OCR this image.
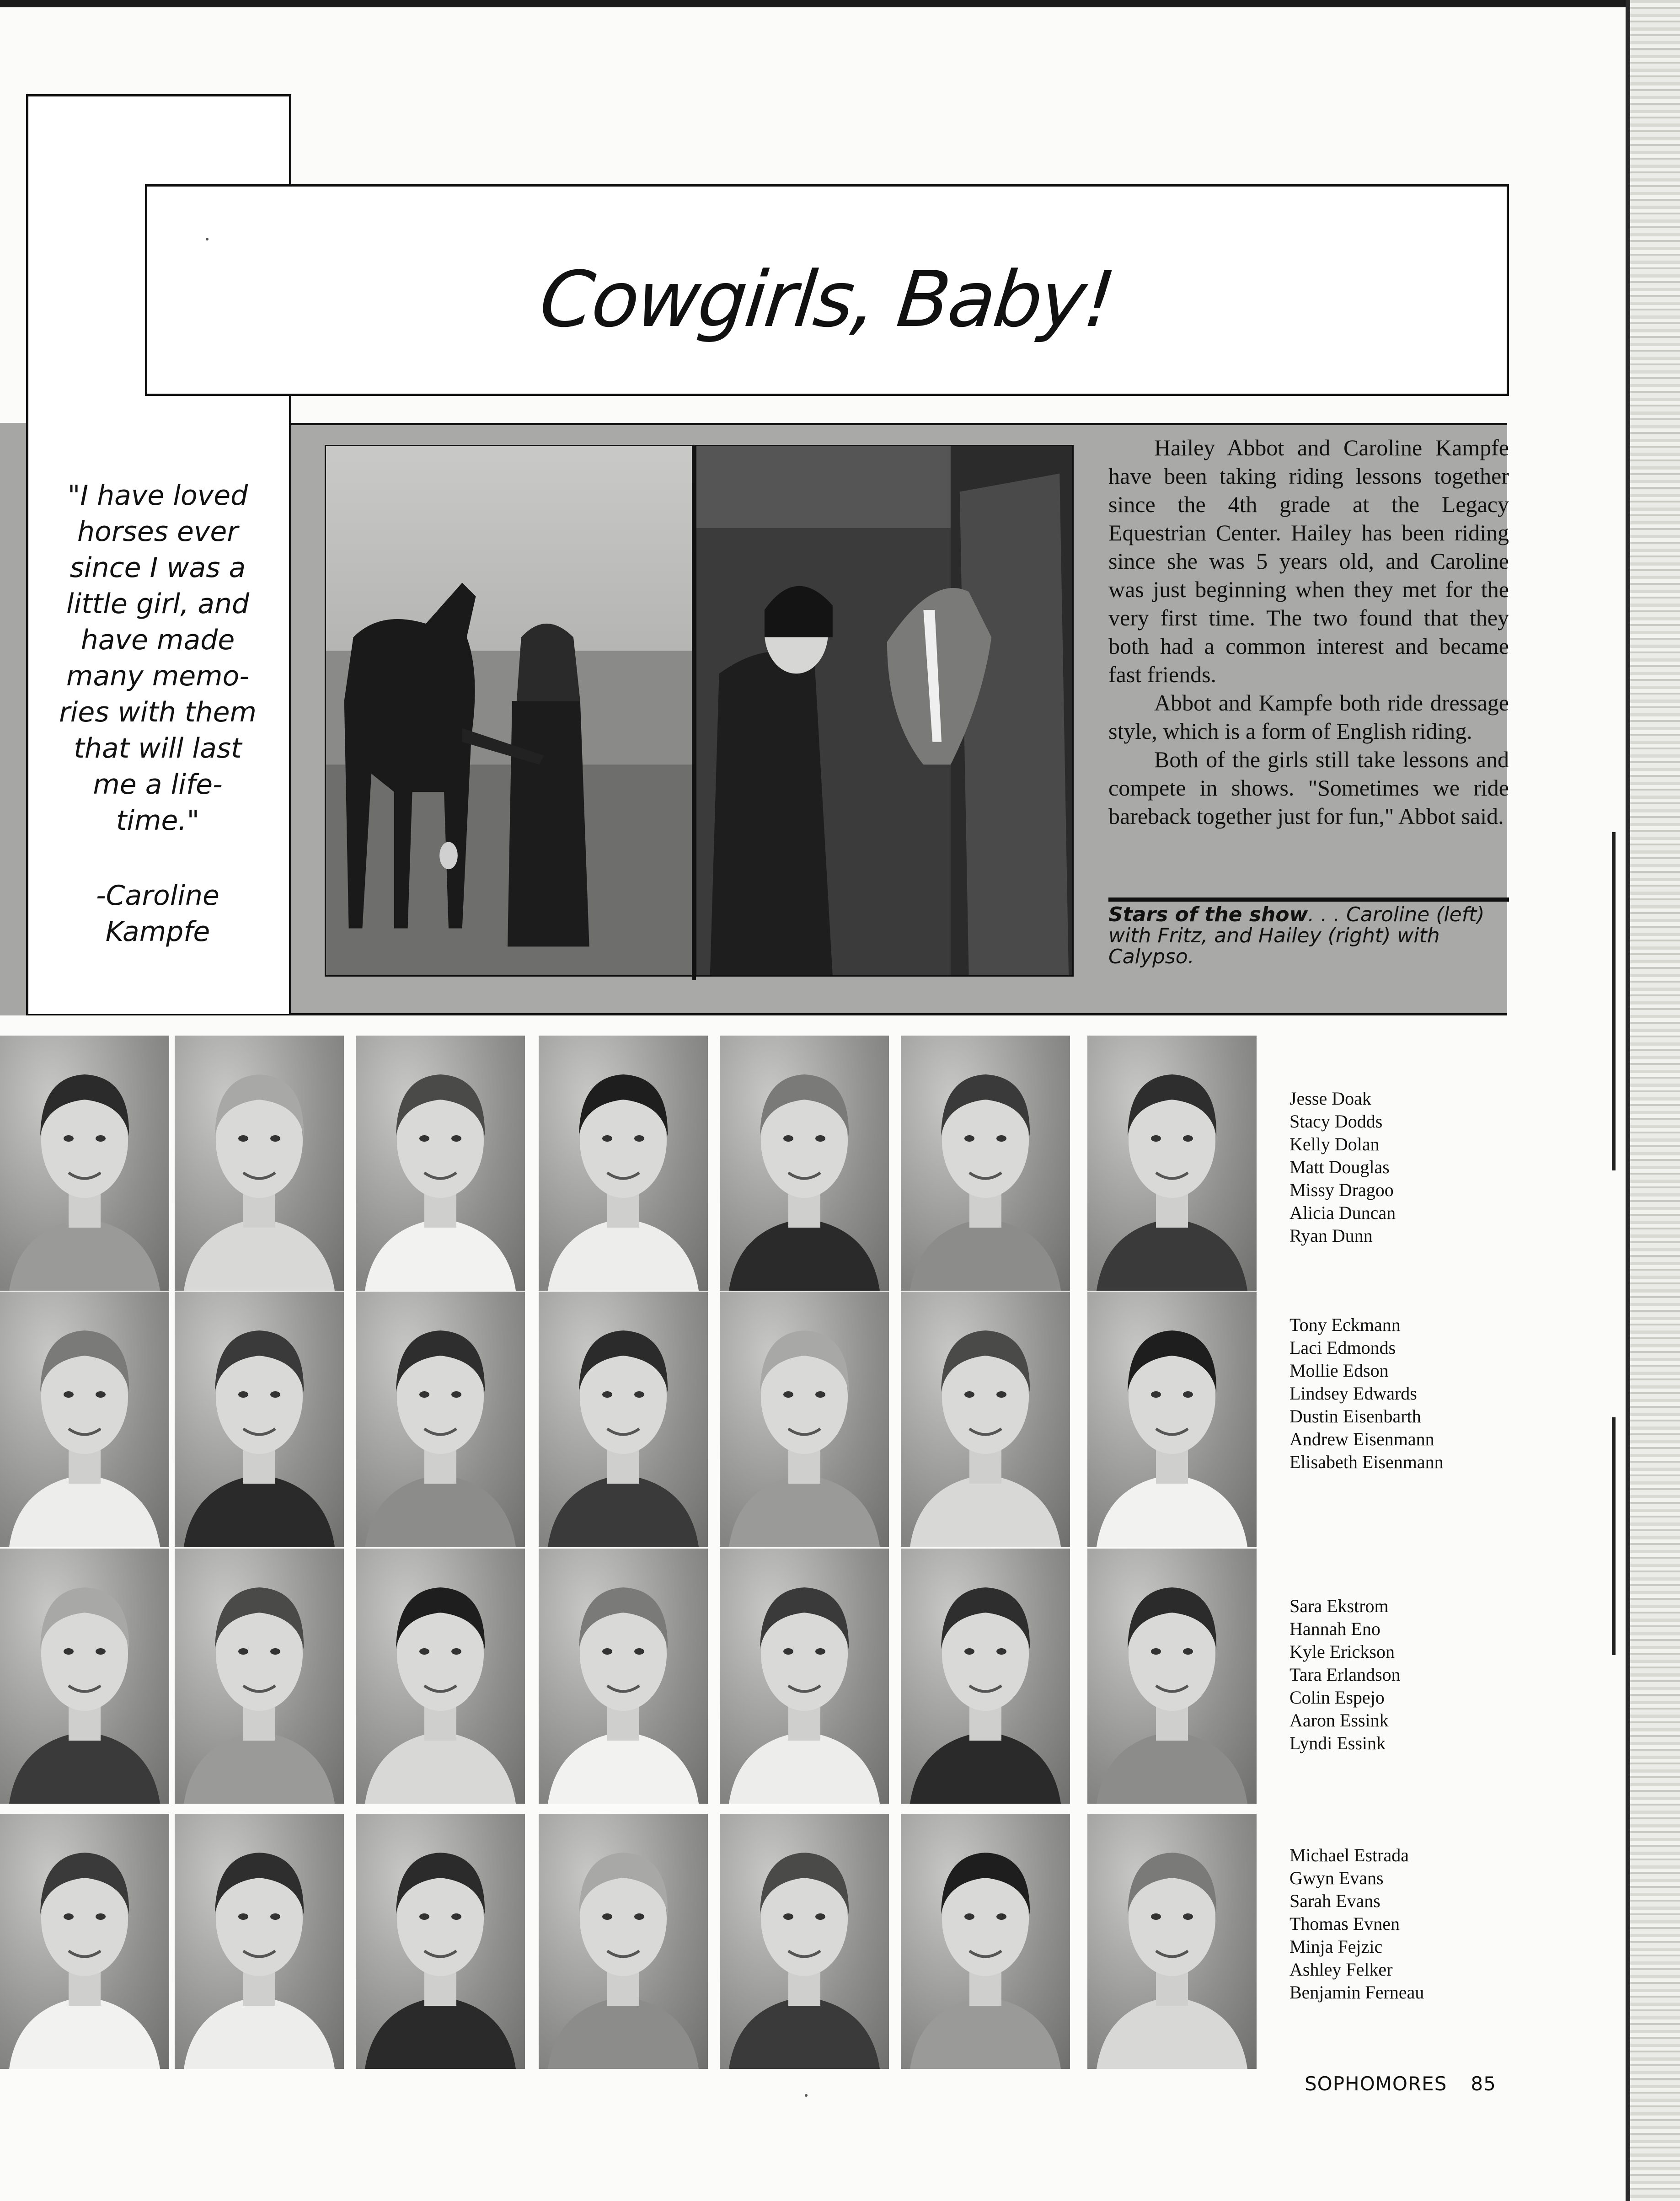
Cowgirls, Baby!
"I have loved
horses ever
since I was a
little girl, and
have made
many memo-
ries with them
that will last
me a life-
time."
-Caroline
Kampfe

Hailey Abbot and Caroline Kampfe have been taking riding lessons together since the 4th grade at the Legacy Equestrian Center. Hailey has been riding since she was 5 years old, and Caroline was just beginning when they met for the very first time. The two found that they both had a common interest and became fast friends.

Abbot and Kampfe both ride dressage style, which is a form of English riding.

Both of the girls still take lessons and compete in shows. "Sometimes we ride bareback together just for fun," Abbot said.

Stars of the show. . . Caroline (left) with Fritz, and Hailey (right) with Calypso.
Jesse Doak
Stacy Dodds
Kelly Dolan
Matt Douglas
Missy Dragoo
Alicia Duncan
Ryan Dunn
Tony Eckmann
Laci Edmonds
Mollie Edson
Lindsey Edwards
Dustin Eisenbarth
Andrew Eisenmann
Elisabeth Eisenmann
Sara Ekstrom
Hannah Eno
Kyle Erickson
Tara Erlandson
Colin Espejo
Aaron Essink
Lyndi Essink
Michael Estrada
Gwyn Evans
Sarah Evans
Thomas Evnen
Minja Fejzic
Ashley Felker
Benjamin Ferneau
SOPHOMORES 85
